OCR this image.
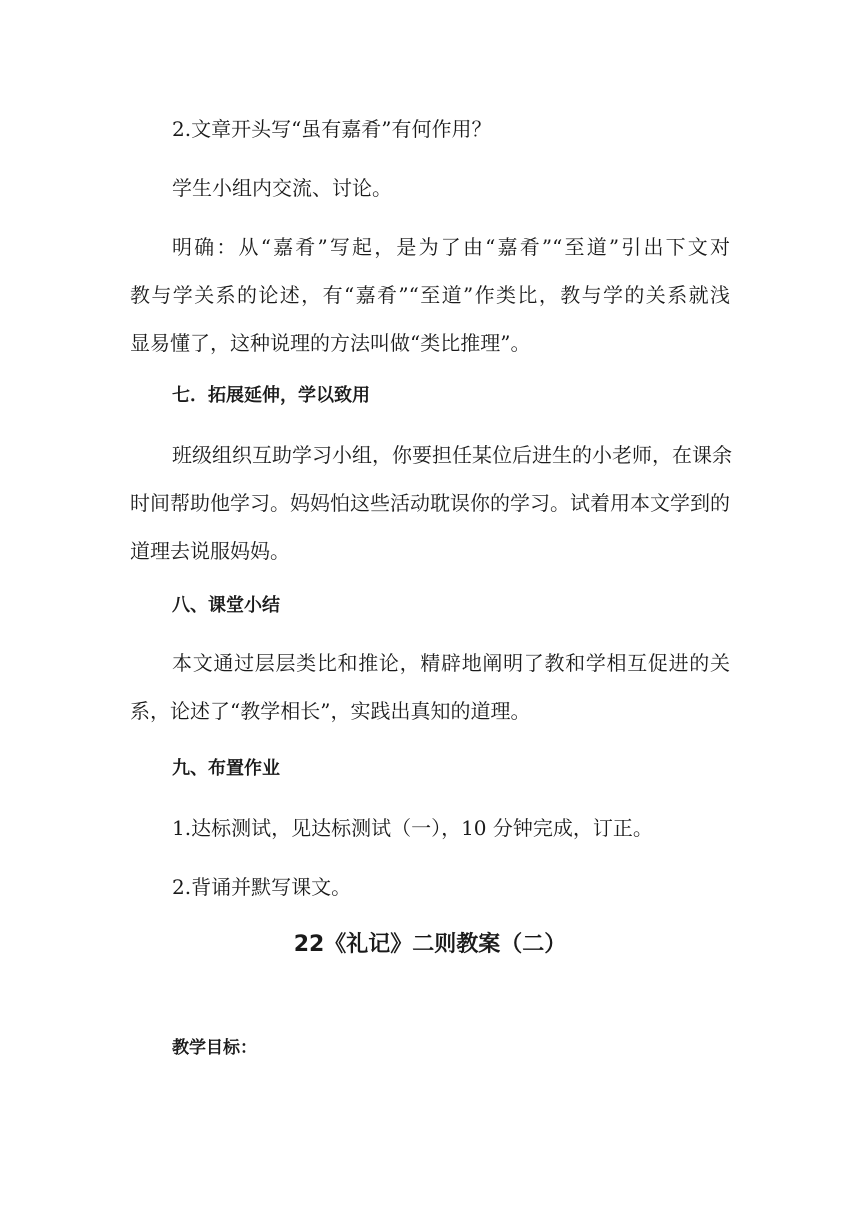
2.文章开头写“虽有嘉肴”有何作用？

学生小组内交流、讨论。

明确：从“嘉肴”写起，是为了由“嘉肴”“至道”引出下文对

教与学关系的论述，有“嘉肴”“至道”作类比，教与学的关系就浅

显易懂了，这种说理的方法叫做“类比推理”。

七．拓展延伸，学以致用

班级组织互助学习小组，你要担任某位后进生的小老师，在课余

时间帮助他学习。妈妈怕这些活动耽误你的学习。试着用本文学到的

道理去说服妈妈。

八、课堂小结

本文通过层层类比和推论，精辟地阐明了教和学相互促进的关

系，论述了“教学相长”，实践出真知的道理。

九、布置作业

1.达标测试，见达标测试（一），10 分钟完成，订正。

2.背诵并默写课文。

22《礼记》二则教案（二）

教学目标：
